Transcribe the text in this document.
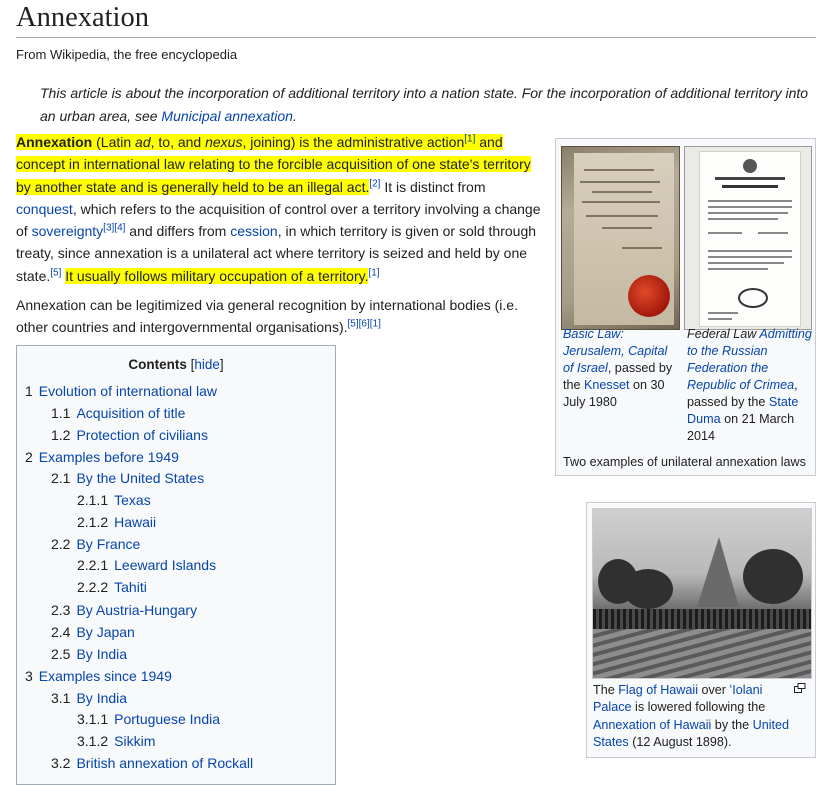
Annexation
From Wikipedia, the free encyclopedia
This article is about the incorporation of additional territory into a nation state. For the incorporation of additional territory into an urban area, see Municipal annexation.

Annexation (Latin ad, to, and nexus, joining) is the administrative action[1] and concept in international law relating to the forcible acquisition of one state's territory by another state and is generally held to be an illegal act.[2] It is distinct from conquest, which refers to the acquisition of control over a territory involving a change of sovereignty[3][4] and differs from cession, in which territory is given or sold through treaty, since annexation is a unilateral act where territory is seized and held by one state.[5] It usually follows military occupation of a territory.[1]

Annexation can be legitimized via general recognition by international bodies (i.e. other countries and intergovernmental organisations).[5][6][1]

Contents [hide]
1 Evolution of international law
1.1 Acquisition of title
1.2 Protection of civilians
2 Examples before 1949
2.1 By the United States
2.1.1 Texas
2.1.2 Hawaii
2.2 By France
2.2.1 Leeward Islands
2.2.2 Tahiti
2.3 By Austria-Hungary
2.4 By Japan
2.5 By India
3 Examples since 1949
3.1 By India
3.1.1 Portuguese India
3.1.2 Sikkim
3.2 British annexation of Rockall
Basic Law: Jerusalem, Capital of Israel, passed by the Knesset on 30 July 1980
Federal Law Admitting to the Russian Federation the Republic of Crimea, passed by the State Duma on 21 March 2014
Two examples of unilateral annexation laws
The Flag of Hawaii over ʻIolani Palace is lowered following the Annexation of Hawaii by the United States (12 August 1898).
